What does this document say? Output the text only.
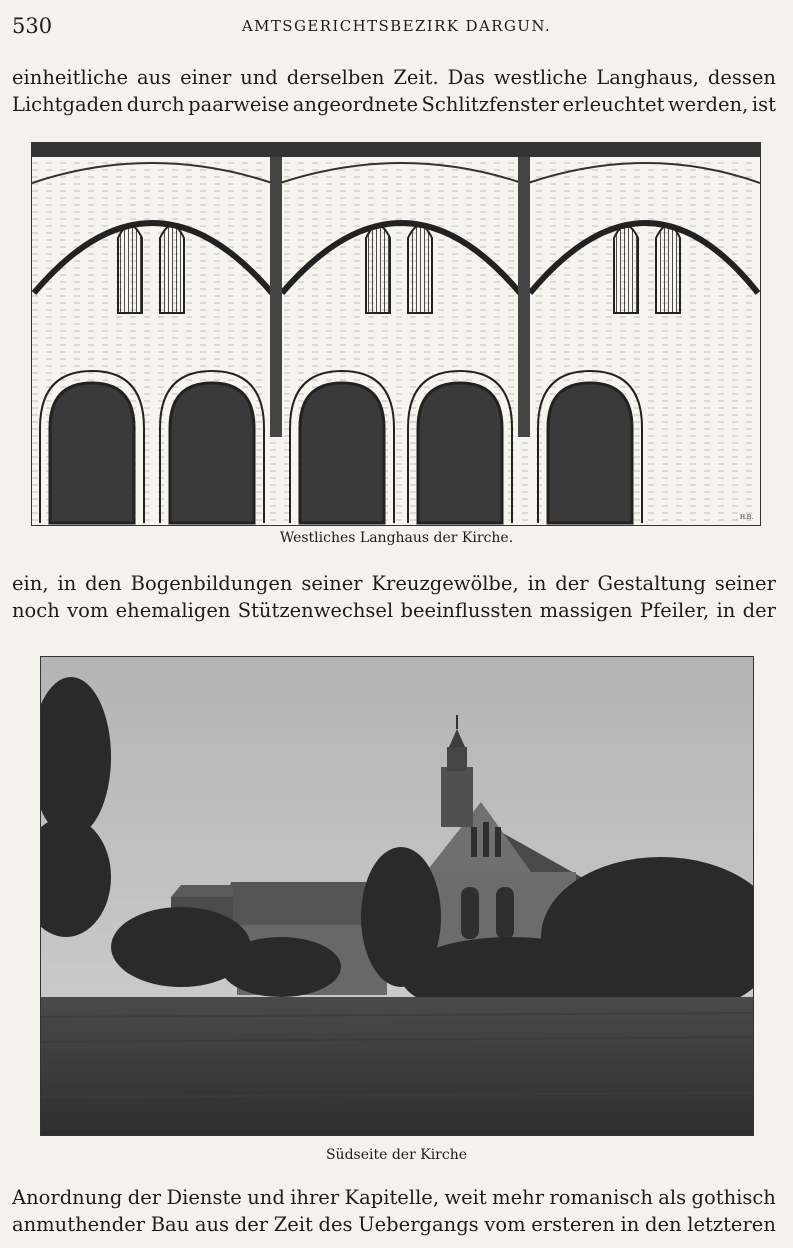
530	AMTSGERICHTSBEZIRK DARGUN.
einheitliche aus einer und derselben Zeit. Das westliche Langhaus, dessen
Lichtgaden durch paarweise angeordnete Schlitzfenster erleuchtet werden, ist
H.B.
Westliches Langhaus der Kirche.
ein, in den Bogenbildungen seiner Kreuzgewölbe, in der Gestaltung seiner
noch vom ehemaligen Stützenwechsel beeinflussten massigen Pfeiler, in der
Südseite der Kirche
Anordnung der Dienste und ihrer Kapitelle, weit mehr romanisch als gothisch
anmuthender Bau aus der Zeit des Uebergangs vom ersteren in den letzteren
